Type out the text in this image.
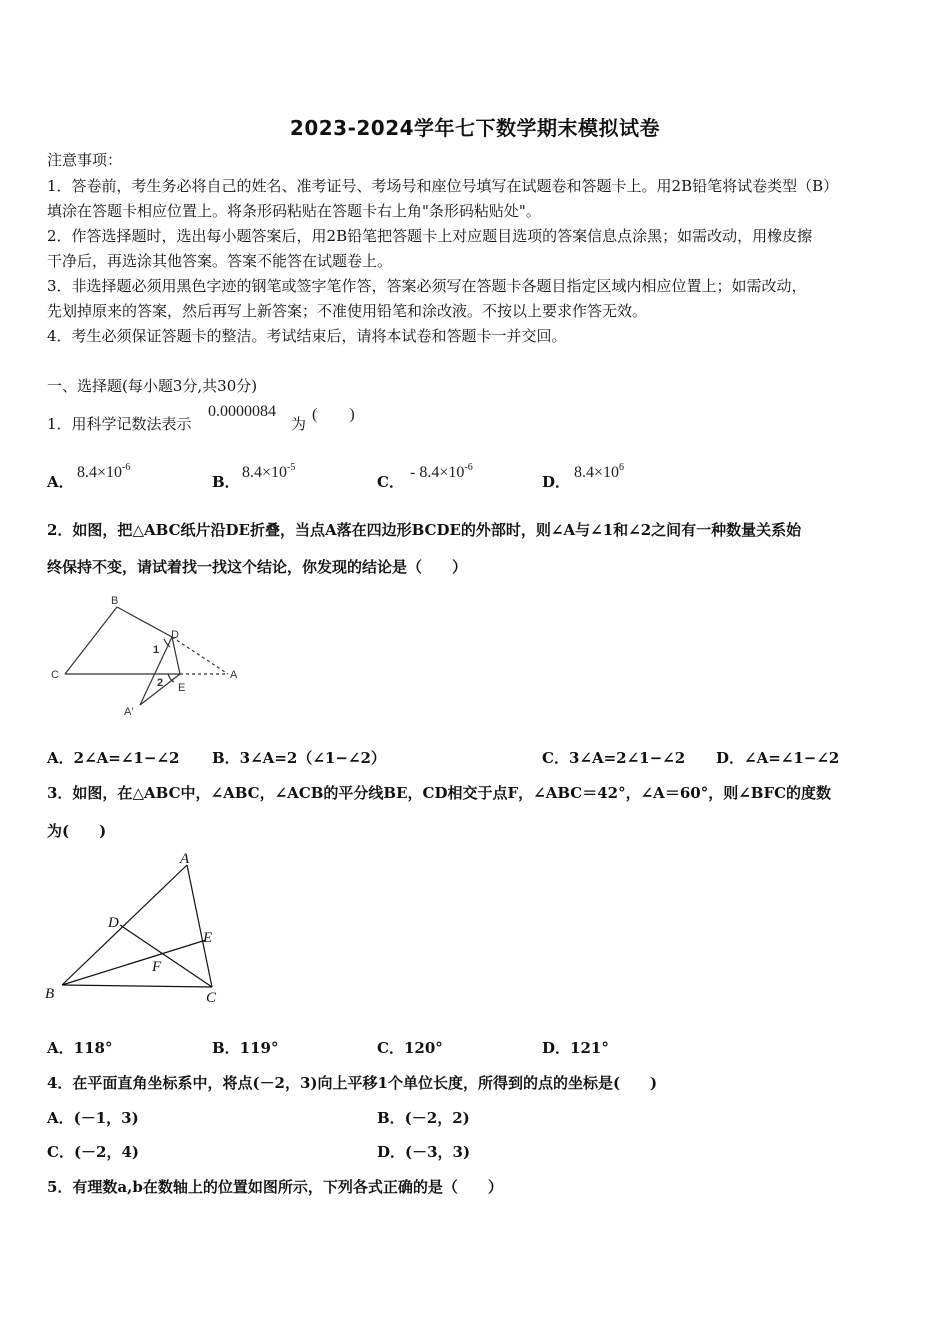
2023-2024学年七下数学期末模拟试卷
注意事项：
1．答卷前，考生务必将自己的姓名、准考证号、考场号和座位号填写在试题卷和答题卡上。用2B铅笔将试卷类型（B）
填涂在答题卡相应位置上。将条形码粘贴在答题卡右上角"条形码粘贴处"。
2．作答选择题时，选出每小题答案后，用2B铅笔把答题卡上对应题目选项的答案信息点涂黑；如需改动，用橡皮擦
干净后，再选涂其他答案。答案不能答在试题卷上。
3．非选择题必须用黑色字迹的钢笔或签字笔作答，答案必须写在答题卡各题目指定区域内相应位置上；如需改动，
先划掉原来的答案，然后再写上新答案；不准使用铅笔和涂改液。不按以上要求作答无效。
4．考生必须保证答题卡的整洁。考试结束后，请将本试卷和答题卡一并交回。
一、选择题(每小题3分,共30分)
1．用科学记数法表示
0.0000084
为
(　　)
A．
$8.4\times 10^{-6}$
B．
$8.4\times 10^{-5}$
C．
- $8.4\times 10^{-6}$
D．
$8.4\times 10^6$
2．如图，把△ABC纸片沿DE折叠，当点A落在四边形BCDE的外部时，则∠A与∠1和∠2之间有一种数量关系始
终保持不变，请试着找一找这个结论，你发现的结论是（　　）
B
D
C	A
A'
E
1
2
A．2∠A=∠1−∠2 B．3∠A=2（∠1−∠2）	C．3∠A=2∠1−∠2 D．∠A=∠1−∠2
3．如图，在△ABC中，∠ABC，∠ACB的平分线BE，CD相交于点F，∠ABC＝42°，∠A＝60°，则∠BFC的度数
为(　　)
A
D
E
F
B	C
A．118°	B．119°	C．120°	D．121°
4．在平面直角坐标系中，将点(－2，3)向上平移1个单位长度，所得到的点的坐标是(　　)
A．(－1，3)	B．(－2，2)
C．(－2，4)	D．(－3，3)
5．有理数a,b在数轴上的位置如图所示，下列各式正确的是（　　）
